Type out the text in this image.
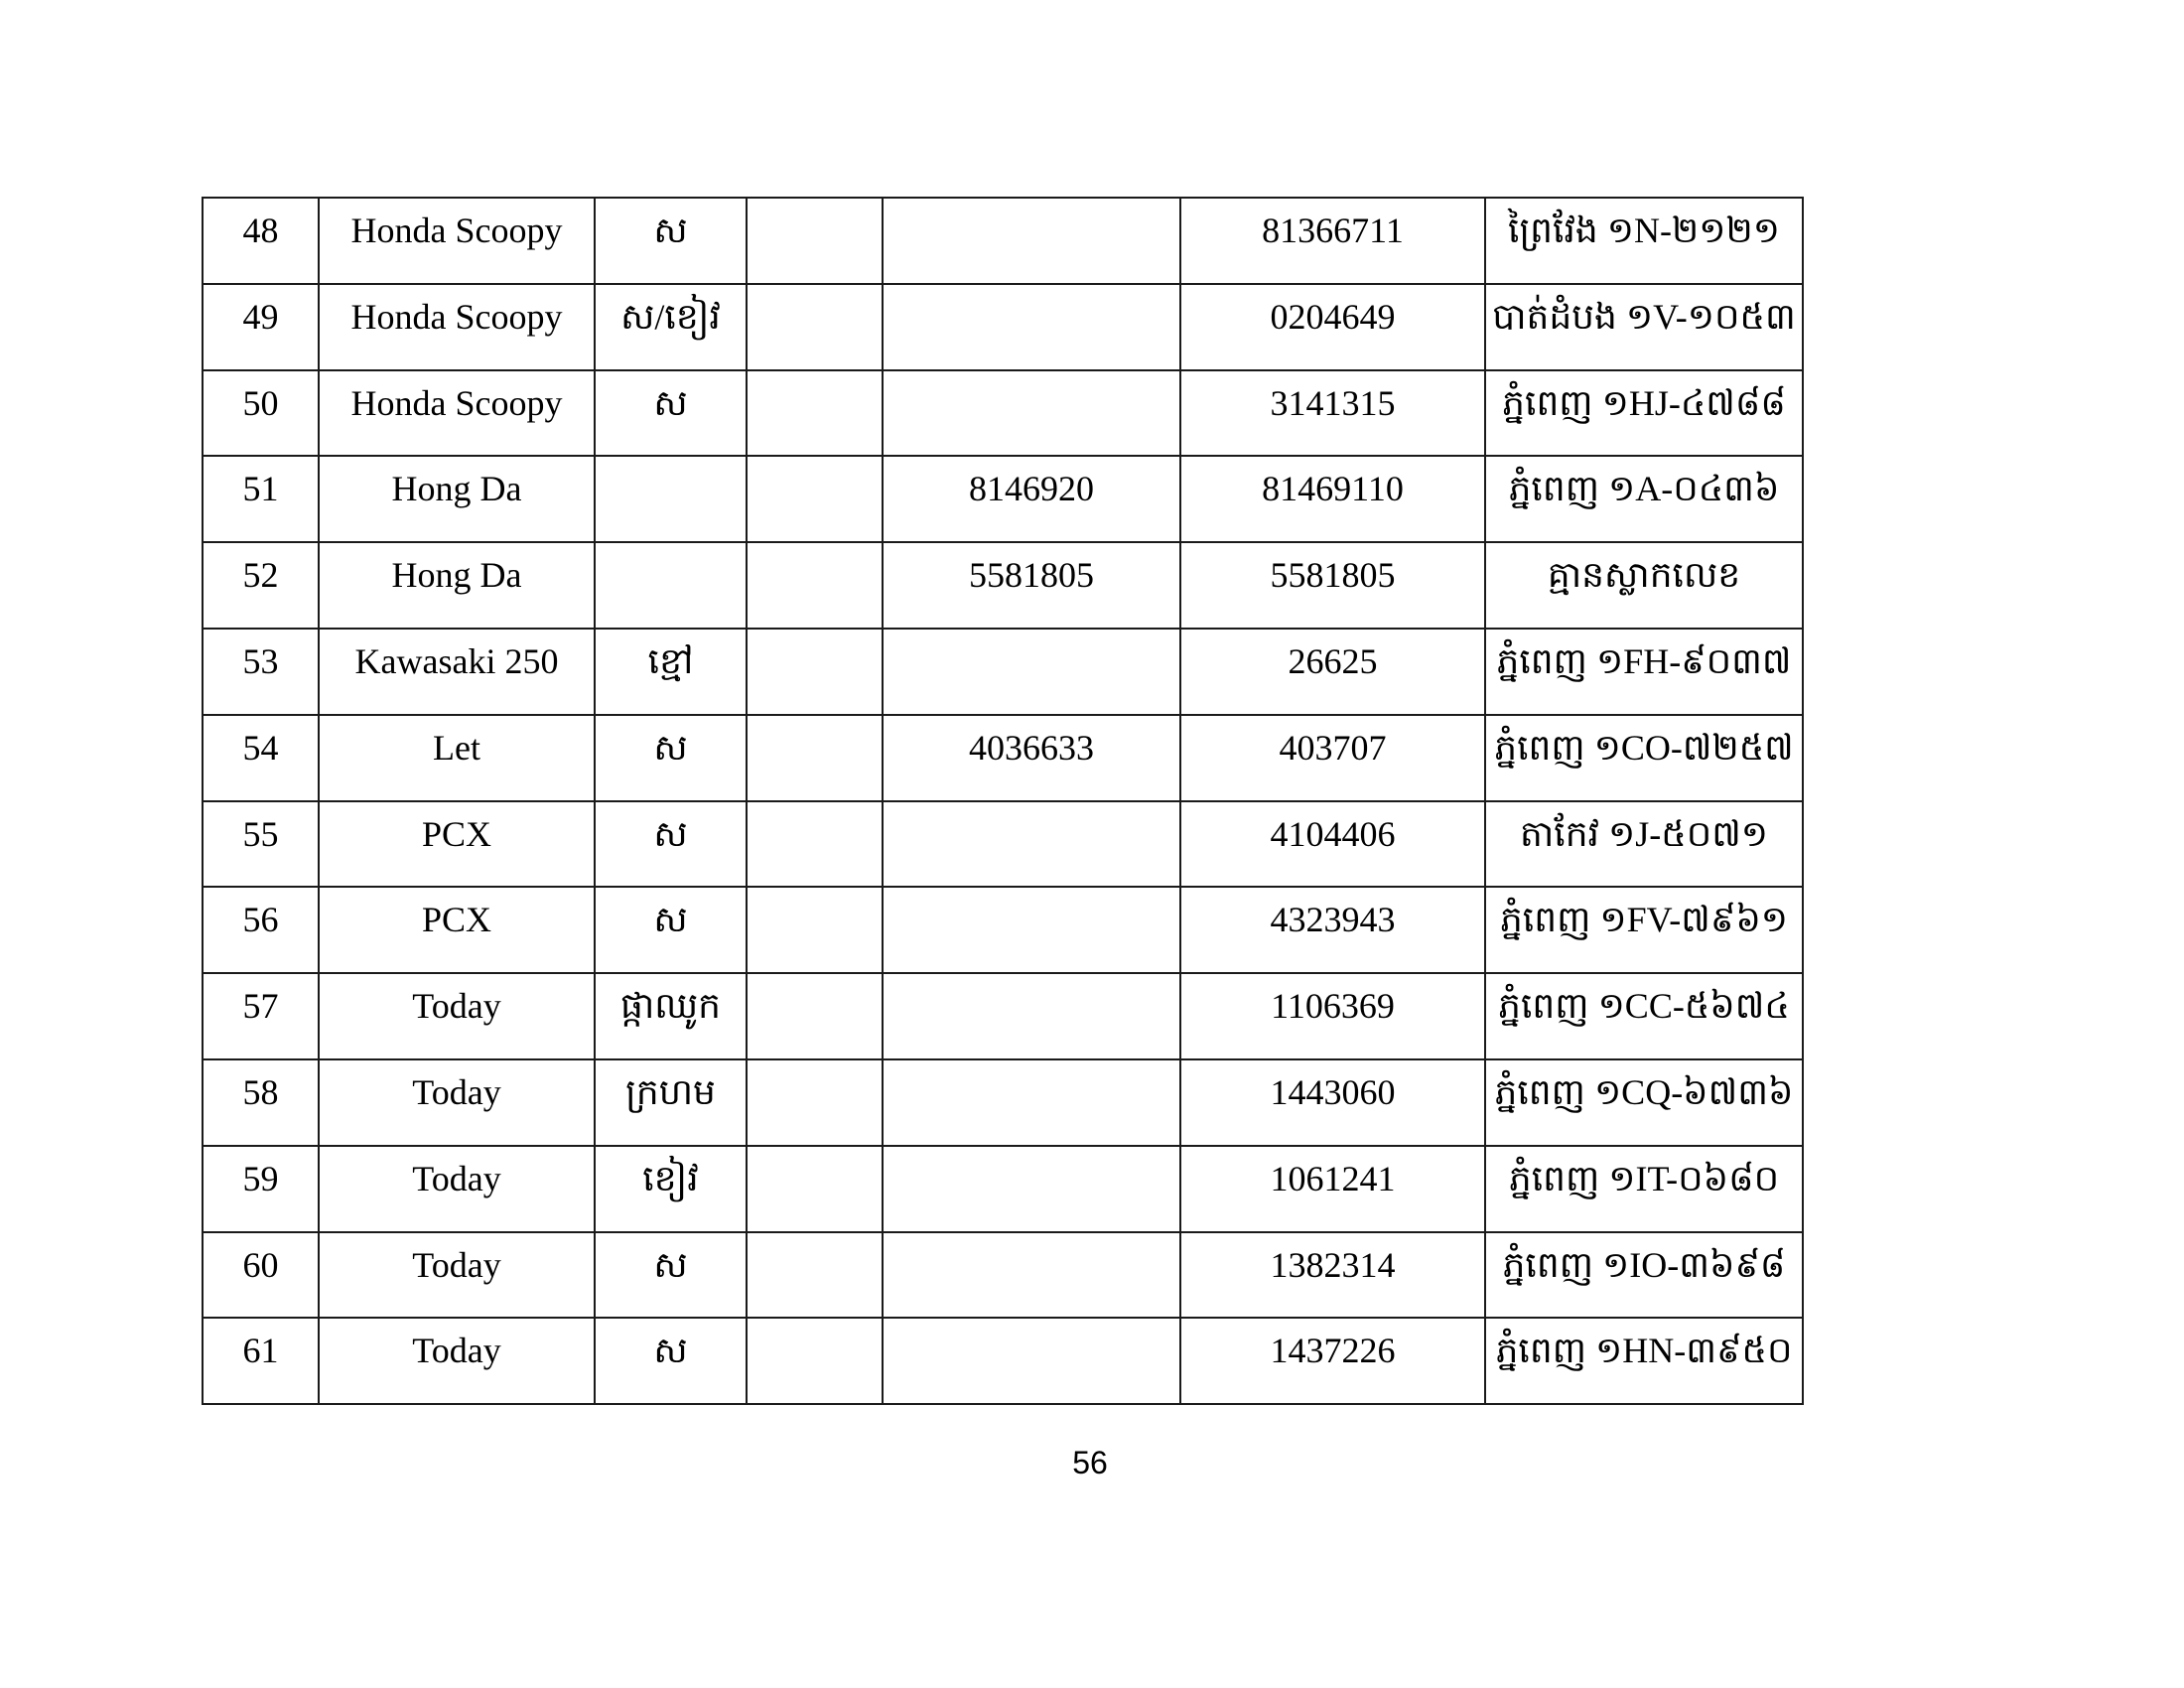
48	Honda Scoopy	ស			81366711	ព្រៃវែង ១N-២១២១
49	Honda Scoopy	ស/ខៀវ			0204649	បាត់ដំបង ១V-១០៥៣
50	Honda Scoopy	ស			3141315	ភ្នំពេញ ១HJ-៤៧៨៨
51	Hong Da			8146920	81469110	ភ្នំពេញ ១A-០៤៣៦
52	Hong Da			5581805	5581805	គ្មានស្លាកលេខ
53	Kawasaki 250	ខ្មៅ			26625	ភ្នំពេញ ១FH-៩០៣៧
54	Let	ស		4036633	403707	ភ្នំពេញ ១CO-៧២៥៧
55	PCX	ស			4104406	តាកែវ ១J-៥០៧១
56	PCX	ស			4323943	ភ្នំពេញ ១FV-៧៩៦១
57	Today	ផ្កាឈូក			1106369	ភ្នំពេញ ១CC-៥៦៧៤
58	Today	ក្រហម			1443060	ភ្នំពេញ ១CQ-៦៧៣៦
59	Today	ខៀវ			1061241	ភ្នំពេញ ១IT-០៦៨០
60	Today	ស			1382314	ភ្នំពេញ ១IO-៣៦៩៨
61	Today	ស			1437226	ភ្នំពេញ ១HN-៣៩៥០
56
